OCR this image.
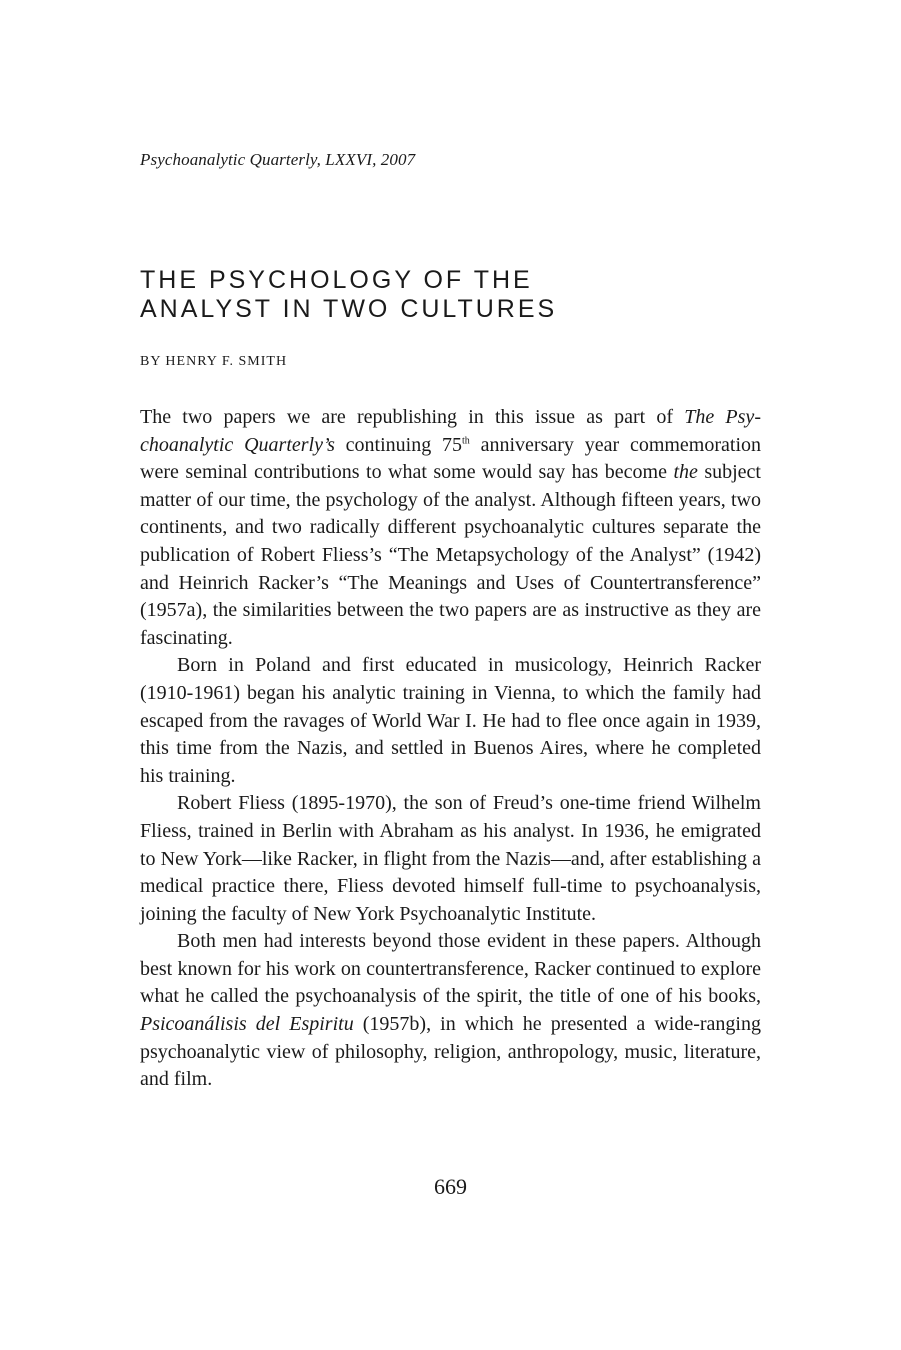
Psychoanalytic Quarterly, LXXVI, 2007
THE PSYCHOLOGY OF THE
ANALYST IN TWO CULTURES
BY HENRY F. SMITH

The two papers we are republishing in this issue as part of The Psychoanalytic Quarterly’s continuing 75th anniversary year commemoration were seminal contributions to what some would say has become the subject matter of our time, the psychology of the analyst. Although fifteen years, two continents, and two radically different psychoanalytic cultures separate the publication of Robert Fliess’s “The Metapsychology of the Analyst” (1942) and Heinrich Racker’s “The Meanings and Uses of Countertransference” (1957a), the similarities between the two papers are as instructive as they are fascinating.

Born in Poland and first educated in musicology, Heinrich Racker (1910-1961) began his analytic training in Vienna, to which the family had escaped from the ravages of World War I. He had to flee once again in 1939, this time from the Nazis, and settled in Buenos Aires, where he completed his training.

Robert Fliess (1895-1970), the son of Freud’s one-time friend Wilhelm Fliess, trained in Berlin with Abraham as his analyst. In 1936, he emigrated to New York—like Racker, in flight from the Nazis—and, after establishing a medical practice there, Fliess devoted himself full-time to psychoanalysis, joining the faculty of New York Psychoanalytic Institute.

Both men had interests beyond those evident in these papers. Although best known for his work on countertransference, Racker continued to explore what he called the psychoanalysis of the spirit, the title of one of his books, Psicoanálisis del Espiritu (1957b), in which he presented a wide-ranging psychoanalytic view of philosophy, religion, anthropology, music, literature, and film.

669
